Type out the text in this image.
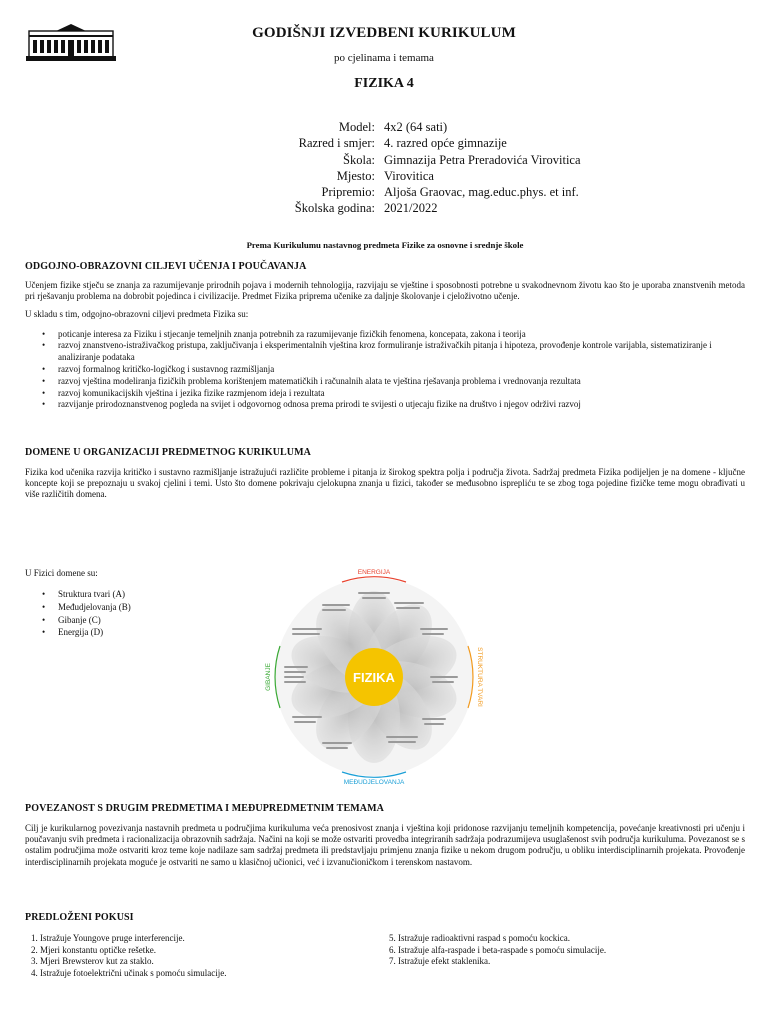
GODIŠNJI IZVEDBENI KURIKULUM
po cjelinama i temama
FIZIKA 4
Model: 4x2 (64 sati)
Razred i smjer: 4. razred opće gimnazije
Škola: Gimnazija Petra Preradovića Virovitica
Mjesto: Virovitica
Pripremio: Aljoša Graovac, mag.educ.phys. et inf.
Školska godina: 2021/2022
Prema Kurikulumu nastavnog predmeta Fizike za osnovne i srednje škole
ODGOJNO-OBRAZOVNI CILJEVI UČENJA I POUČAVANJA
Učenjem fizike stječu se znanja za razumijevanje prirodnih pojava i modernih tehnologija, razvijaju se vještine i sposobnosti potrebne u svakodnevnom životu kao što je uporaba znanstvenih metoda pri rješavanju problema na dobrobit pojedinca i civilizacije. Predmet Fizika priprema učenike za daljnje školovanje i cjeloživotno učenje.
U skladu s tim, odgojno-obrazovni ciljevi predmeta Fizika su:
• poticanje interesa za Fiziku i stjecanje temeljnih znanja potrebnih za razumijevanje fizičkih fenomena, koncepata, zakona i teorija
• razvoj znanstveno-istraživačkog pristupa, zaključivanja i eksperimentalnih vještina kroz formuliranje istraživačkih pitanja i hipoteza, provođenje kontrole varijabla, sistematiziranje i analiziranje podataka
• razvoj formalnog kritičko-logičkog i sustavnog razmišljanja
• razvoj vještina modeliranja fizičkih problema korištenjem matematičkih i računalnih alata te vještina rješavanja problema i vrednovanja rezultata
• razvoj komunikacijskih vještina i jezika fizike razmjenom ideja i rezultata
• razvijanje prirodoznanstvenog pogleda na svijet i odgovornog odnosa prema prirodi te svijesti o utjecaju fizike na društvo i njegov održivi razvoj
DOMENE U ORGANIZACIJI PREDMETNOG KURIKULUMA
Fizika kod učenika razvija kritičko i sustavno razmišljanje istražujući različite probleme i pitanja iz širokog spektra polja i područja života. Sadržaj predmeta Fizika podijeljen je na domene - ključne koncepte koji se prepoznaju u svakoj cjelini i temi. Usto što domene pokrivaju cjelokupna znanja u fizici, također se međusobno isprepliću te se zbog toga pojedine fizičke teme mogu obrađivati u više različitih domena.
U Fizici domene su:
• Struktura tvari (A)
• Međudjelovanja (B)
• Gibanje (C)
• Energija (D)
FIZIKA
ENERGIJA
GIBANJE	STRUKTURA TVARI
MEĐUDJELOVANJA
POVEZANOST S DRUGIM PREDMETIMA I MEĐUPREDMETNIM TEMAMA
Cilj je kurikularnog povezivanja nastavnih predmeta u područjima kurikuluma veća prenosivost znanja i vještina koji pridonose razvijanju temeljnih kompetencija, povećanje kreativnosti pri učenju i poučavanju svih predmeta i racionalizacija obrazovnih sadržaja. Načini na koji se može ostvariti provedba integriranih sadržaja podrazumijeva usuglašenost svih područja kurikuluma. Povezanost se s ostalim područjima može ostvariti kroz teme koje nadilaze sam sadržaj predmeta ili predstavljaju primjenu znanja fizike u nekom drugom području, u obliku interdisciplinarnih projekata. Provođenje interdisciplinarnih projekata moguće je ostvariti ne samo u klasičnoj učionici, već i izvanučioničkom i terenskom nastavom.
PREDLOŽENI POKUSI
1. Istražuje Youngove pruge interferencije.
2. Mjeri konstantu optičke rešetke.
3. Mjeri Brewsterov kut za staklo.
4. Istražuje fotoelektrični učinak s pomoću simulacije.
5. Istražuje radioaktivni raspad s pomoću kockica.
6. Istražuje alfa-raspade i beta-raspade s pomoću simulacije.
7. Istražuje efekt staklenika.
